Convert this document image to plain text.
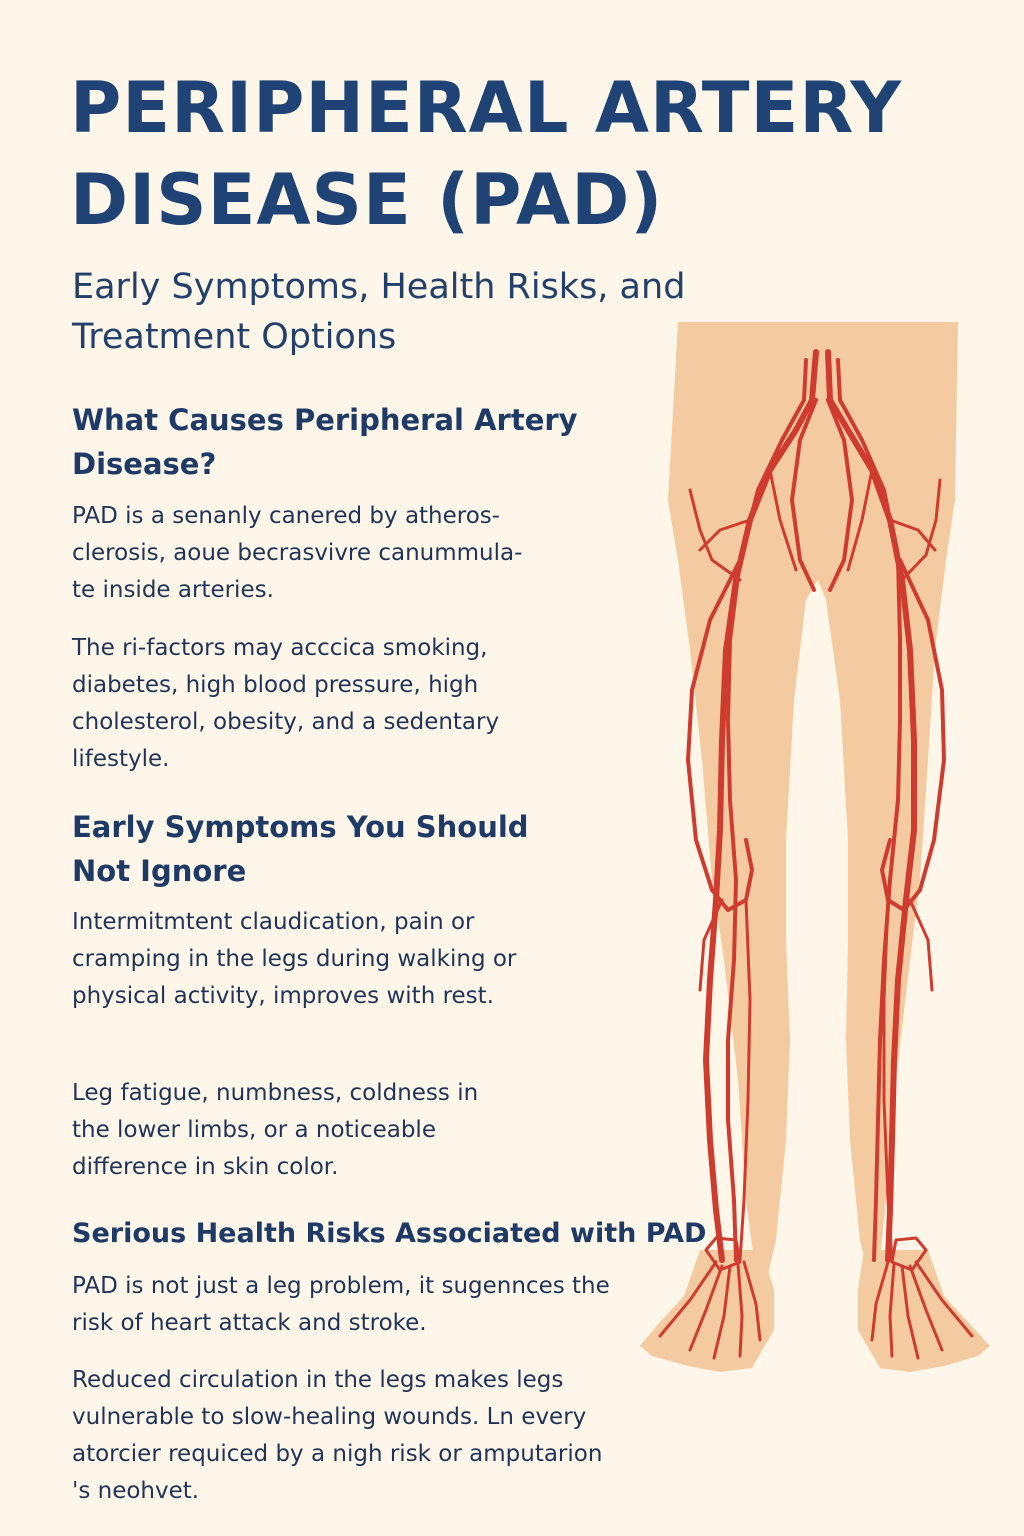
PERIPHERAL ARTERY DISEASE (PAD)
Early Symptoms, Health Risks, and Treatment Options
What Causes Peripheral Artery Disease?

PAD is a senanly canered by atheros-clerosis, aoue becrasvivre canummula-te inside arteries.

The ri-factors may acccica smoking, diabetes, high blood pressure, high cholesterol, obesity, and a sedentary lifestyle.

Early Symptoms You Should Not Ignore

Intermitmtent claudication, pain or cramping in the legs during walking or physical activity, improves with rest.

Leg fatigue, numbness, coldness in the lower limbs, or a noticeable difference in skin color.

Serious Health Risks Associated with PAD

PAD is not just a leg problem, it sugennces the risk of heart attack and stroke.

Reduced circulation in the legs makes legs vulnerable to slow-healing wounds. Ln every atorcier requiced by a nigh risk or amputarion 's neohvet.
